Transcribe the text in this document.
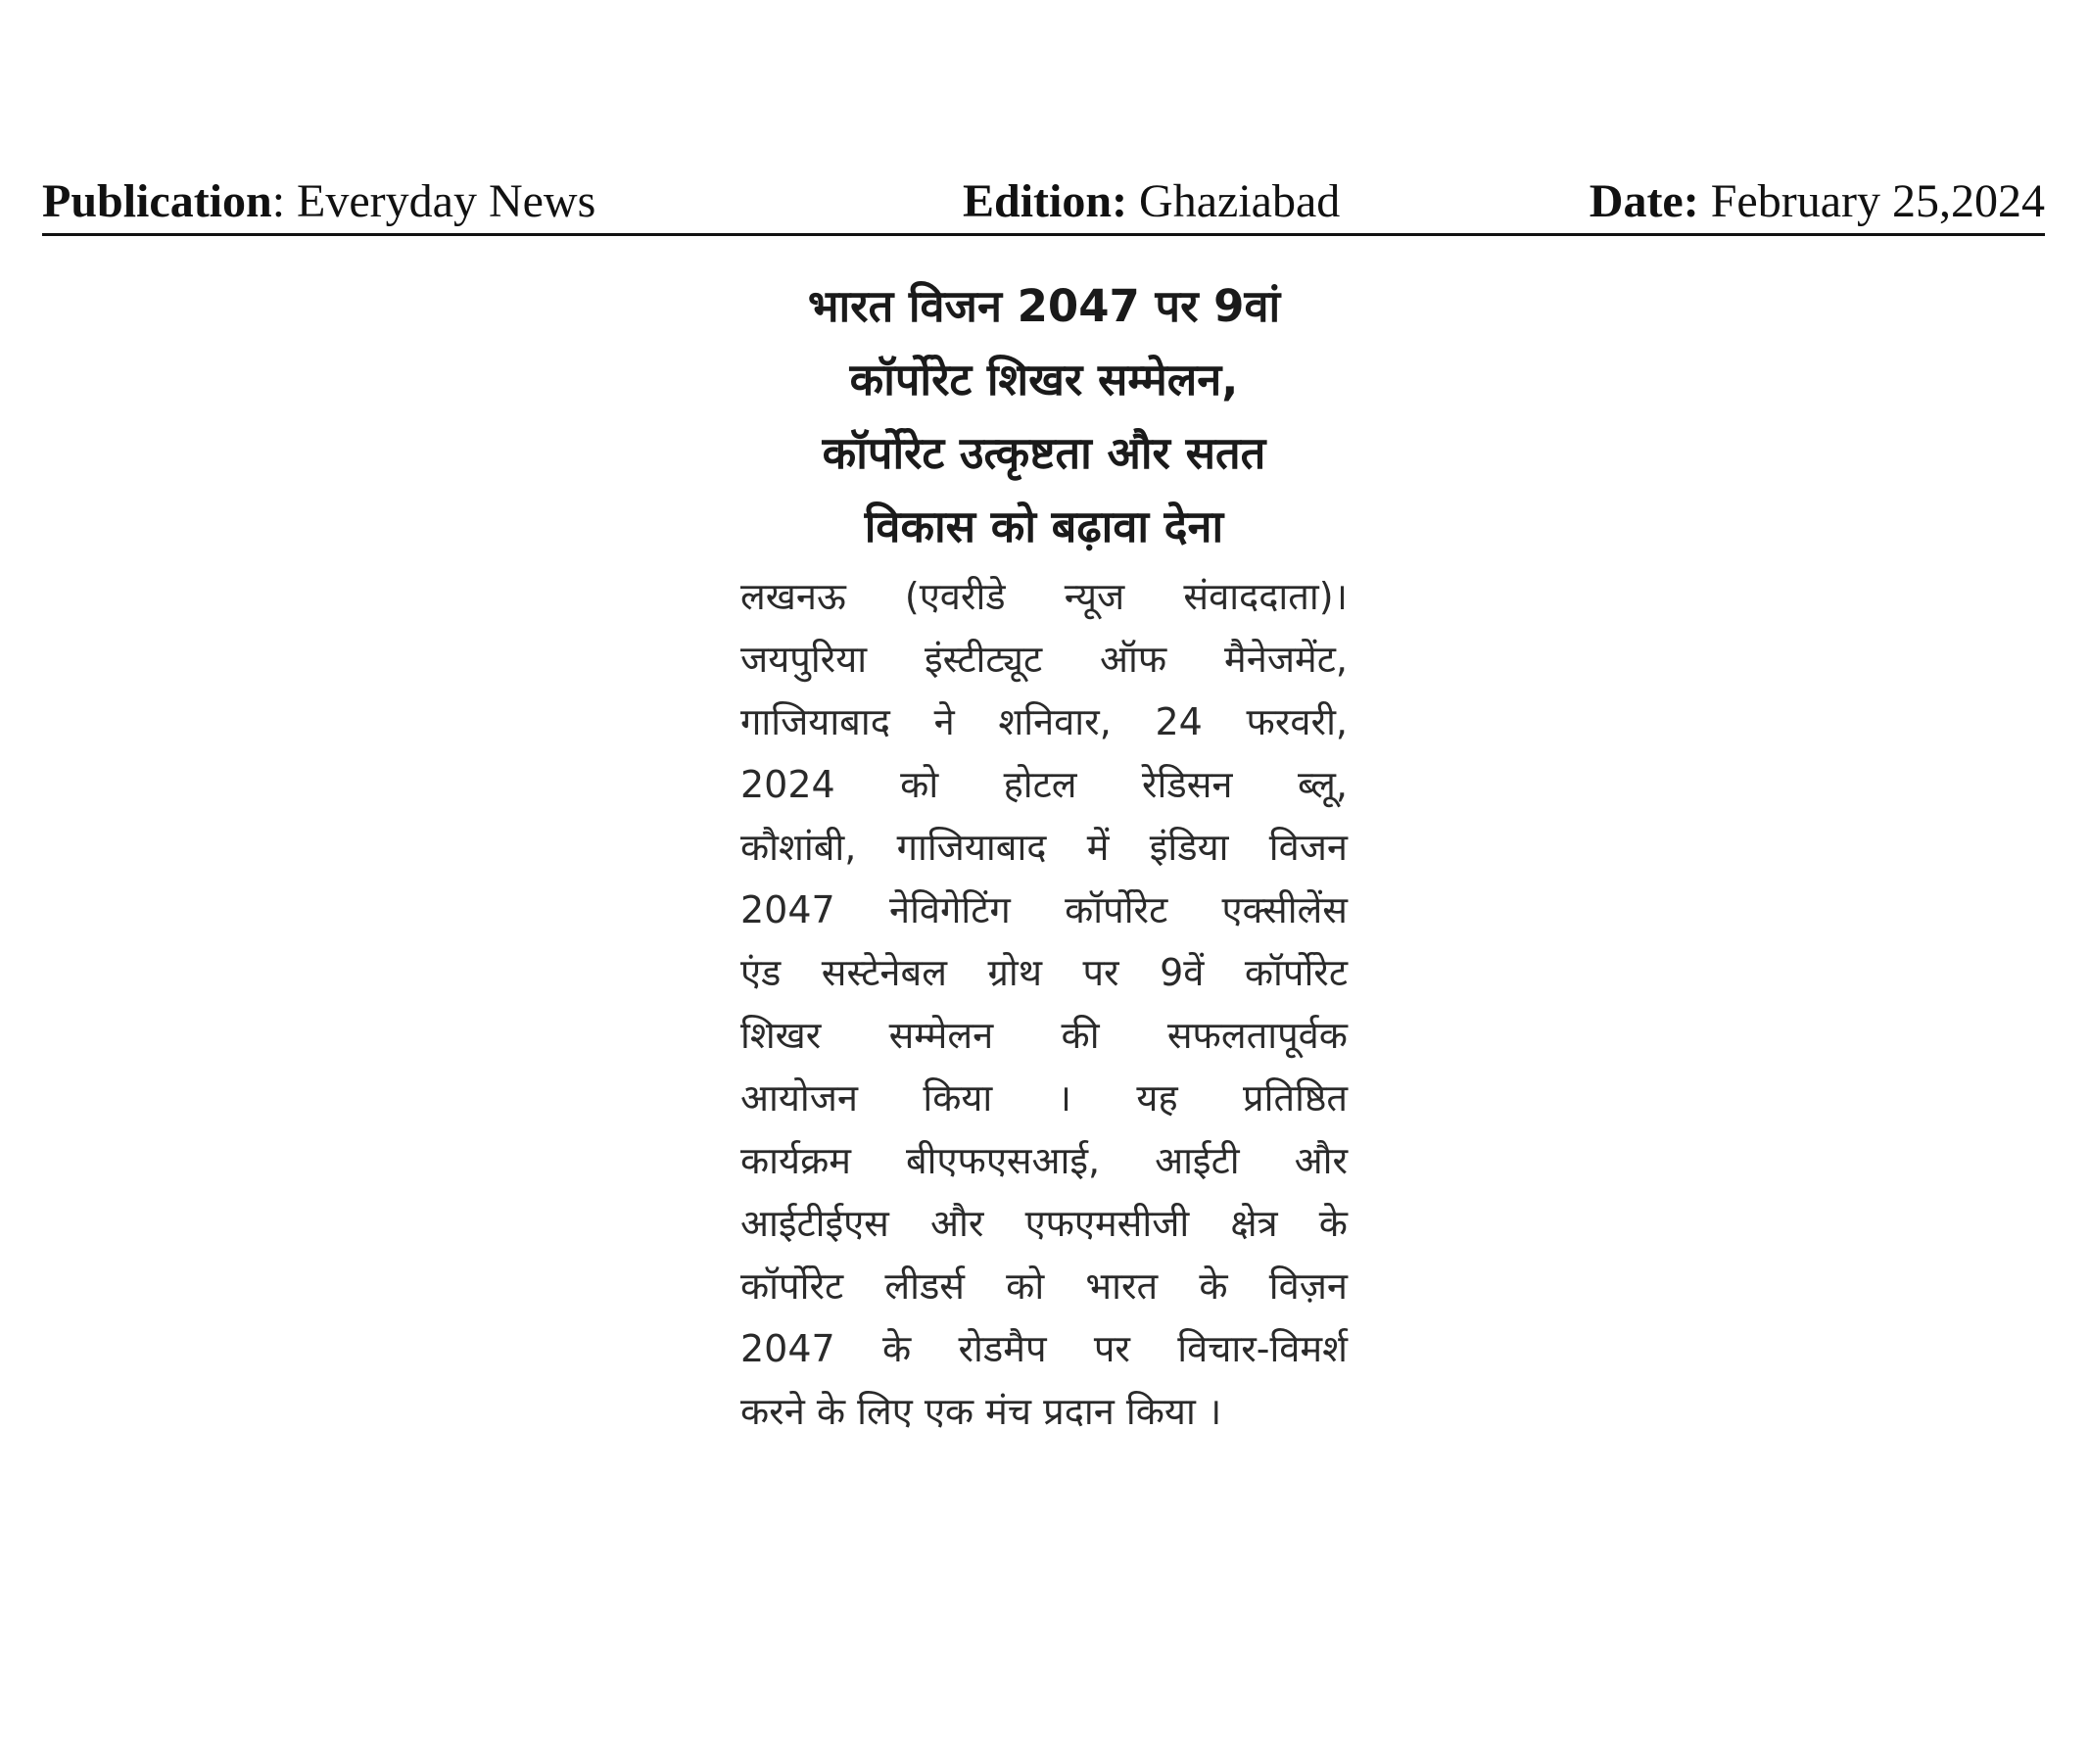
Publication: Everyday News	Edition: Ghaziabad	Date: February 25,2024
भारत विजन 2047 पर 9वां
कॉर्पोरेट शिखर सम्मेलन,
कॉर्पोरेट उत्कृष्टता और सतत
विकास को बढ़ावा देना
लखनऊ (एवरीडे न्यूज संवाददाता)।
जयपुरिया इंस्टीट्यूट ऑफ मैनेजमेंट,
गाजियाबाद ने शनिवार, 24 फरवरी,
2024 को होटल रेडिसन ब्लू,
कौशांबी, गाजियाबाद में इंडिया विजन
2047 नेविगेटिंग कॉर्पोरेट एक्सीलेंस
एंड सस्टेनेबल ग्रोथ पर 9वें कॉर्पोरेट
शिखर सम्मेलन की सफलतापूर्वक
आयोजन किया । यह प्रतिष्ठित
कार्यक्रम बीएफएसआई, आईटी और
आईटीईएस और एफएमसीजी क्षेत्र के
कॉर्पोरेट लीडर्स को भारत के विज़न
2047 के रोडमैप पर विचार-विमर्श
करने के लिए एक मंच प्रदान किया ।
